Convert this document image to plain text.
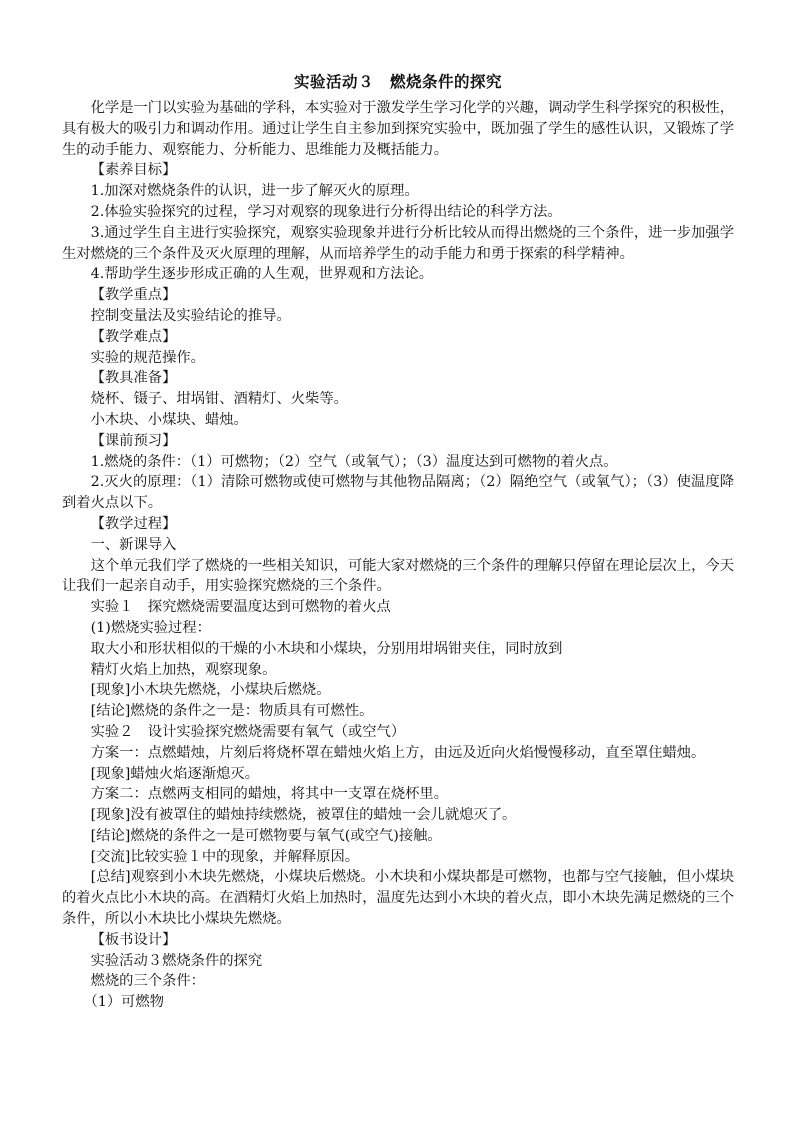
实验活动３　燃烧条件的探究

化学是一门以实验为基础的学科，本实验对于激发学生学习化学的兴趣，调动学生科学探究的积极性，具有极大的吸引力和调动作用。通过让学生自主参加到探究实验中，既加强了学生的感性认识，又锻炼了学生的动手能力、观察能力、分析能力、思维能力及概括能力。

【素养目标】

1.加深对燃烧条件的认识，进一步了解灭火的原理。

2.体验实验探究的过程，学习对观察的现象进行分析得出结论的科学方法。

3.通过学生自主进行实验探究，观察实验现象并进行分析比较从而得出燃烧的三个条件，进一步加强学生对燃烧的三个条件及灭火原理的理解，从而培养学生的动手能力和勇于探索的科学精神。

4.帮助学生逐步形成正确的人生观，世界观和方法论。

【教学重点】

控制变量法及实验结论的推导。

【教学难点】

实验的规范操作。

【教具准备】

烧杯、镊子、坩埚钳、酒精灯、火柴等。

小木块、小煤块、蜡烛。

【课前预习】

1.燃烧的条件：（1）可燃物；（2）空气（或氧气）；（3）温度达到可燃物的着火点。

2.灭火的原理：（1）清除可燃物或使可燃物与其他物品隔离；（2）隔绝空气（或氧气）；（3）使温度降到着火点以下。

【教学过程】

一、新课导入

这个单元我们学了燃烧的一些相关知识，可能大家对燃烧的三个条件的理解只停留在理论层次上，今天让我们一起亲自动手，用实验探究燃烧的三个条件。

实验１　探究燃烧需要温度达到可燃物的着火点

(1)燃烧实验过程：

取大小和形状相似的干燥的小木块和小煤块，分别用坩埚钳夹住，同时放到

精灯火焰上加热，观察现象。

[现象]小木块先燃烧，小煤块后燃烧。

[结论]燃烧的条件之一是：物质具有可燃性。

实验２　设计实验探究燃烧需要有氧气（或空气）

方案一：点燃蜡烛，片刻后将烧杯罩在蜡烛火焰上方，由远及近向火焰慢慢移动，直至罩住蜡烛。

[现象]蜡烛火焰逐渐熄灭。

方案二：点燃两支相同的蜡烛，将其中一支罩在烧杯里。

[现象]没有被罩住的蜡烛持续燃烧，被罩住的蜡烛一会儿就熄灭了。

[结论]燃烧的条件之一是可燃物要与氧气(或空气)接触。

[交流]比较实验１中的现象，并解释原因。

[总结]观察到小木块先燃烧，小煤块后燃烧。小木块和小煤块都是可燃物，也都与空气接触，但小煤块的着火点比小木块的高。在酒精灯火焰上加热时，温度先达到小木块的着火点，即小木块先满足燃烧的三个条件，所以小木块比小煤块先燃烧。

【板书设计】

实验活动３燃烧条件的探究

燃烧的三个条件：

（1）可燃物
